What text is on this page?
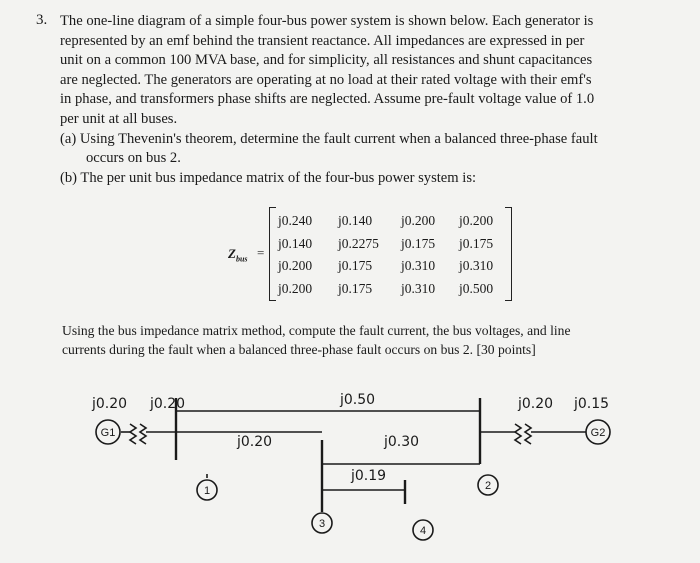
3. The one-line diagram of a simple four-bus power system is shown below. Each generator is

represented by an emf behind the transient reactance. All impedances are expressed in per

unit on a common 100 MVA base, and for simplicity, all resistances and shunt capacitances

are neglected. The generators are operating at no load at their rated voltage with their emf's

in phase, and transformers phase shifts are neglected. Assume pre-fault voltage value of 1.0

per unit at all buses.

(a) Using Thevenin's theorem, determine the fault current when a balanced three-phase fault

occurs on bus 2.

(b) The per unit bus impedance matrix of the four-bus power system is:

$Z_{bus}$ =
j0.240	j0.140	j0.200	j0.200
j0.140	j0.2275	j0.175	j0.175
j0.200	j0.175	j0.310	j0.310
j0.200	j0.175	j0.310	j0.500

Using the bus impedance matrix method, compute the fault current, the bus voltages, and line

currents during the fault when a balanced three-phase fault occurs on bus 2. [30 points]

G1	G2
j0.20 j0.20	j0.50
j0.20	j0.30
j0.19
j0.20 j0.15
1	2
3
4
